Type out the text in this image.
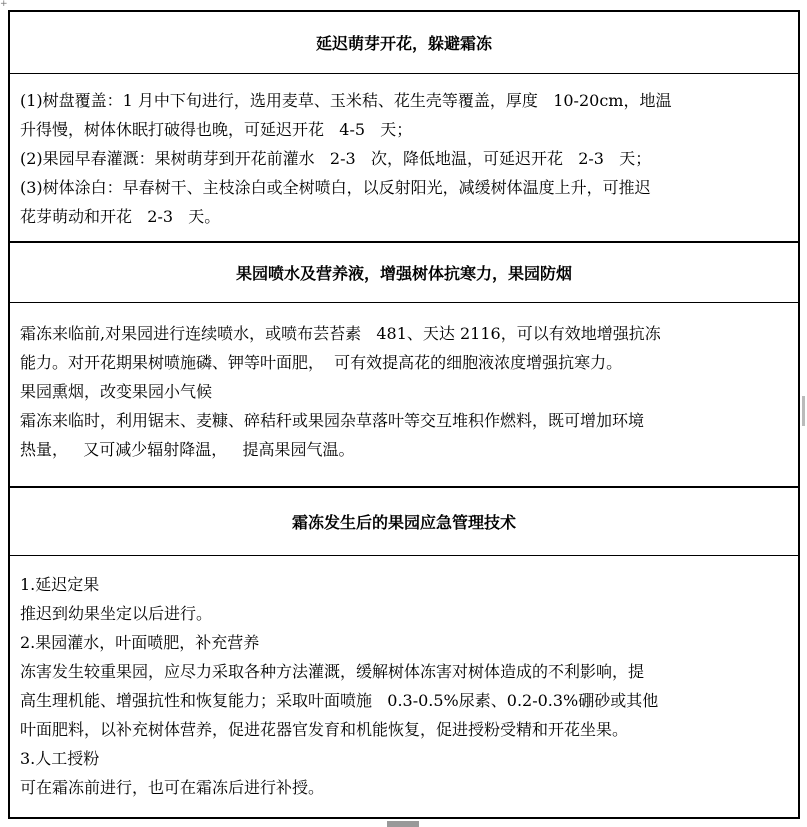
+
延迟萌芽开花，躲避霜冻

(1)树盘覆盖：1 月中下旬进行，选用麦草、玉米秸、花生壳等覆盖，厚度   10-20cm，地温

升得慢，树体休眠打破得也晚，可延迟开花   4-5   天；

(2)果园早春灌溉：果树萌芽到开花前灌水   2-3   次，降低地温，可延迟开花   2-3   天；

(3)树体涂白：早春树干、主枝涂白或全树喷白，以反射阳光，减缓树体温度上升，可推迟

花芽萌动和开花   2-3   天。

果园喷水及营养液，增强树体抗寒力，果园防烟

霜冻来临前,对果园进行连续喷水，或喷布芸苔素   481、天达 2116，可以有效地增强抗冻

能力。对开花期果树喷施磷、钾等叶面肥，  可有效提高花的细胞液浓度增强抗寒力。

果园熏烟，改变果园小气候

霜冻来临时，利用锯末、麦糠、碎秸秆或果园杂草落叶等交互堆积作燃料，既可增加环境

热量，   又可减少辐射降温，   提高果园气温。

霜冻发生后的果园应急管理技术

1.延迟定果

推迟到幼果坐定以后进行。

2.果园灌水，叶面喷肥，补充营养

冻害发生较重果园，应尽力采取各种方法灌溉，缓解树体冻害对树体造成的不利影响，提

高生理机能、增强抗性和恢复能力；采取叶面喷施   0.3-0.5%尿素、0.2-0.3%硼砂或其他

叶面肥料，以补充树体营养，促进花器官发育和机能恢复，促进授粉受精和开花坐果。

3.人工授粉

可在霜冻前进行，也可在霜冻后进行补授。
